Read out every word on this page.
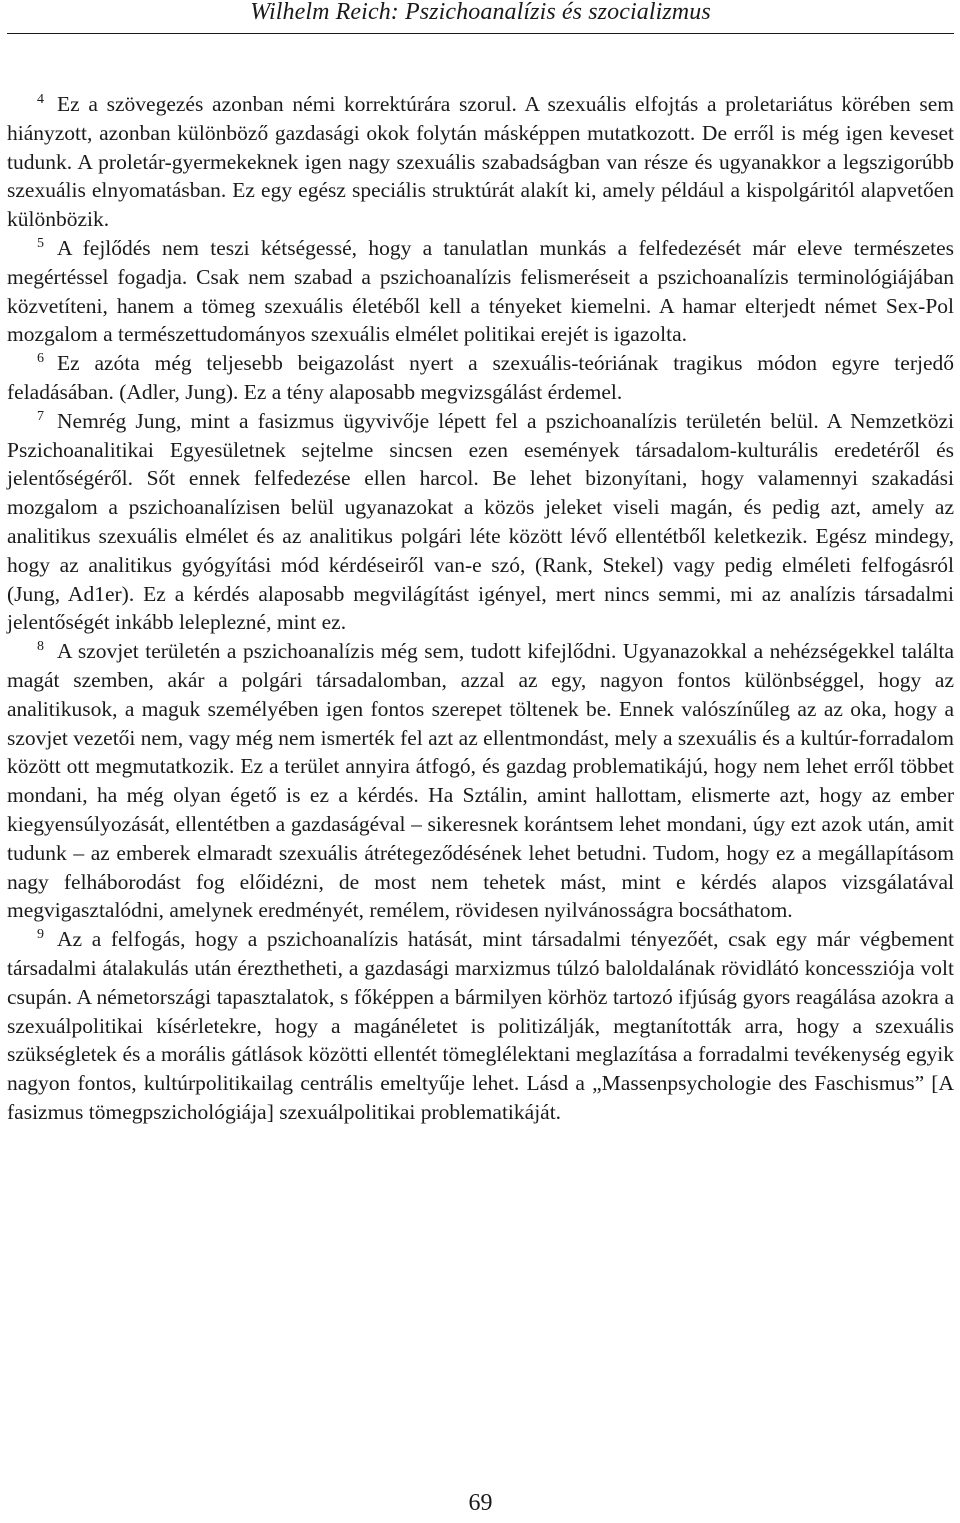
Wilhelm Reich: Pszichoanalízis és szocializmus

$^4$ Ez a szövegezés azonban némi korrektúrára szorul. A szexuális elfojtás a proletariátus körében sem hiányzott, azonban különböző gazdasági okok folytán másképpen mutatkozott. De erről is még igen keveset tudunk. A proletár-gyermekeknek igen nagy szexuális szabadságban van része és ugyanakkor a legszigorúbb szexuális elnyomatásban. Ez egy egész speciális struktúrát alakít ki, amely például a kispolgáritól alapvetően különbözik.

$^5$ A fejlődés nem teszi kétségessé, hogy a tanulatlan munkás a felfedezését már eleve természetes megértéssel fogadja. Csak nem szabad a pszichoanalízis felismeréseit a pszichoanalízis terminológiájában közvetíteni, hanem a tömeg szexuális életéből kell a tényeket kiemelni. A hamar elterjedt német Sex-Pol mozgalom a természettudományos szexuális elmélet politikai erejét is igazolta.

$^6$ Ez azóta még teljesebb beigazolást nyert a szexuális-teóriának tragikus módon egyre terjedő feladásában. (Adler, Jung). Ez a tény alaposabb megvizsgálást érdemel.

$^7$ Nemrég Jung, mint a fasizmus ügyvivője lépett fel a pszichoanalízis területén belül. A Nemzetközi Pszichoanalitikai Egyesületnek sejtelme sincsen ezen események társadalom-kulturális eredetéről és jelentőségéről. Sőt ennek felfedezése ellen harcol. Be lehet bizonyítani, hogy valamennyi szakadási mozgalom a pszichoanalízisen belül ugyanazokat a közös jeleket viseli magán, és pedig azt, amely az analitikus szexuális elmélet és az analitikus polgári léte között lévő ellentétből keletkezik. Egész mindegy, hogy az analitikus gyógyítási mód kérdéseiről van-e szó, (Rank, Stekel) vagy pedig elméleti felfogásról (Jung, Ad1er). Ez a kérdés alaposabb megvilágítást igényel, mert nincs semmi, mi az analízis társadalmi jelentőségét inkább leleplezné, mint ez.

$^8$ A szovjet területén a pszichoanalízis még sem, tudott kifejlődni. Ugyanazokkal a nehézségekkel találta magát szemben, akár a polgári társadalomban, azzal az egy, nagyon fontos különbséggel, hogy az analitikusok, a maguk személyében igen fontos szerepet töltenek be. Ennek valószínűleg az az oka, hogy a szovjet vezetői nem, vagy még nem ismerték fel azt az ellentmondást, mely a szexuális és a kultúr-forradalom között ott megmutatkozik. Ez a terület annyira átfogó, és gazdag problematikájú, hogy nem lehet erről többet mondani, ha még olyan égető is ez a kérdés. Ha Sztálin, amint hallottam, elismerte azt, hogy az ember kiegyensúlyozását, ellentétben a gazdaságéval – sikeresnek korántsem lehet mondani, úgy ezt azok után, amit tudunk – az emberek elmaradt szexuális átrétegeződésének lehet betudni. Tudom, hogy ez a megállapításom nagy felháborodást fog előidézni, de most nem tehetek mást, mint e kérdés alapos vizsgálatával megvigasztalódni, amelynek eredményét, remélem, rövidesen nyilvánosságra bocsáthatom.

$^9$ Az a felfogás, hogy a pszichoanalízis hatását, mint társadalmi tényezőét, csak egy már végbement társadalmi átalakulás után érezthetheti, a gazdasági marxizmus túlzó baloldalának rövidlátó koncessziója volt csupán. A németországi tapasztalatok, s főképpen a bármilyen körhöz tartozó ifjúság gyors reagálása azokra a szexuálpolitikai kísérletekre, hogy a magánéletet is politizálják, megtanították arra, hogy a szexuális szükségletek és a morális gátlások közötti ellentét tömeglélektani meglazítása a forradalmi tevékenység egyik nagyon fontos, kultúrpolitikailag centrális emeltyűje lehet. Lásd a „Massenpsychologie des Faschismus” [A fasizmus tömegpszichológiája] szexuálpolitikai problematikáját.

69
